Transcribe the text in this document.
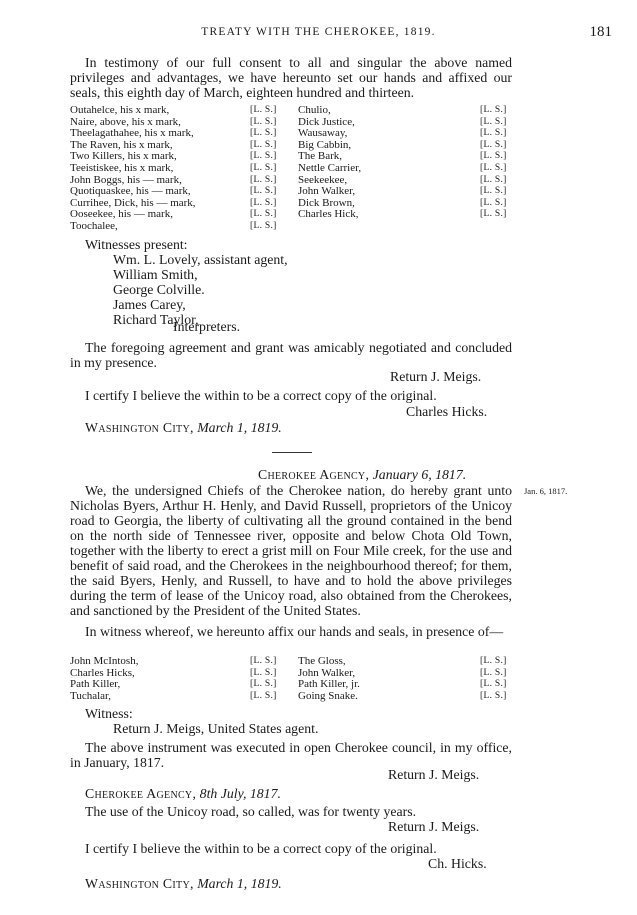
TREATY WITH THE CHEROKEE, 1819.	181
In testimony of our full consent to all and singular the above named privileges and advantages, we have hereunto set our hands and affixed our seals, this eighth day of March, eighteen hundred and thirteen.
Outahelce, his x mark,
Naire, above, his x mark,
Theelagathahee, his x mark,
The Raven, his x mark,
Two Killers, his x mark,
Teeistiskee, his x mark,
John Boggs, his — mark,
Quotiquaskee, his — mark,
Currihee, Dick, his — mark,
Ooseekee, his — mark,
Toochalee,
[L. S.]
[L. S.]
[L. S.]
[L. S.]
[L. S.]
[L. S.]
[L. S.]
[L. S.]
[L. S.]
[L. S.]
[L. S.]
Chulio,
Dick Justice,
Wausaway,
Big Cabbin,
The Bark,
Nettle Carrier,
Seekeekee,
John Walker,
Dick Brown,
Charles Hick,
[L. S.]
[L. S.]
[L. S.]
[L. S.]
[L. S.]
[L. S.]
[L. S.]
[L. S.]
[L. S.]
[L. S.]
Witnesses present:
Wm. L. Lovely, assistant agent,
William Smith,
George Colville.
James Carey,
Richard Taylor,
Interpreters.
The foregoing agreement and grant was amicably negotiated and concluded in my presence.
Return J. Meigs.
I certify I believe the within to be a correct copy of the original.
Charles Hicks.
Washington City, March 1, 1819.
Cherokee Agency, January 6, 1817.
Jan. 6, 1817.
We, the undersigned Chiefs of the Cherokee nation, do hereby grant unto Nicholas Byers, Arthur H. Henly, and David Russell, proprietors of the Unicoy road to Georgia, the liberty of cultivating all the ground contained in the bend on the north side of Tennessee river, opposite and below Chota Old Town, together with the liberty to erect a grist mill on Four Mile creek, for the use and benefit of said road, and the Cherokees in the neighbourhood thereof; for them, the said Byers, Henly, and Russell, to have and to hold the above privileges during the term of lease of the Unicoy road, also obtained from the Cherokees, and sanctioned by the President of the United States.
In witness whereof, we hereunto affix our hands and seals, in presence of—
John McIntosh,
Charles Hicks,
Path Killer,
Tuchalar,
[L. S.]
[L. S.]
[L. S.]
[L. S.]
The Gloss,
John Walker,
Path Killer, jr.
Going Snake.
[L. S.]
[L. S.]
[L. S.]
[L. S.]
Witness:
Return J. Meigs, United States agent.
The above instrument was executed in open Cherokee council, in my office, in January, 1817.
Return J. Meigs.
Cherokee Agency, 8th July, 1817.
The use of the Unicoy road, so called, was for twenty years.
Return J. Meigs.
I certify I believe the within to be a correct copy of the original.
Ch. Hicks.
Washington City, March 1, 1819.
